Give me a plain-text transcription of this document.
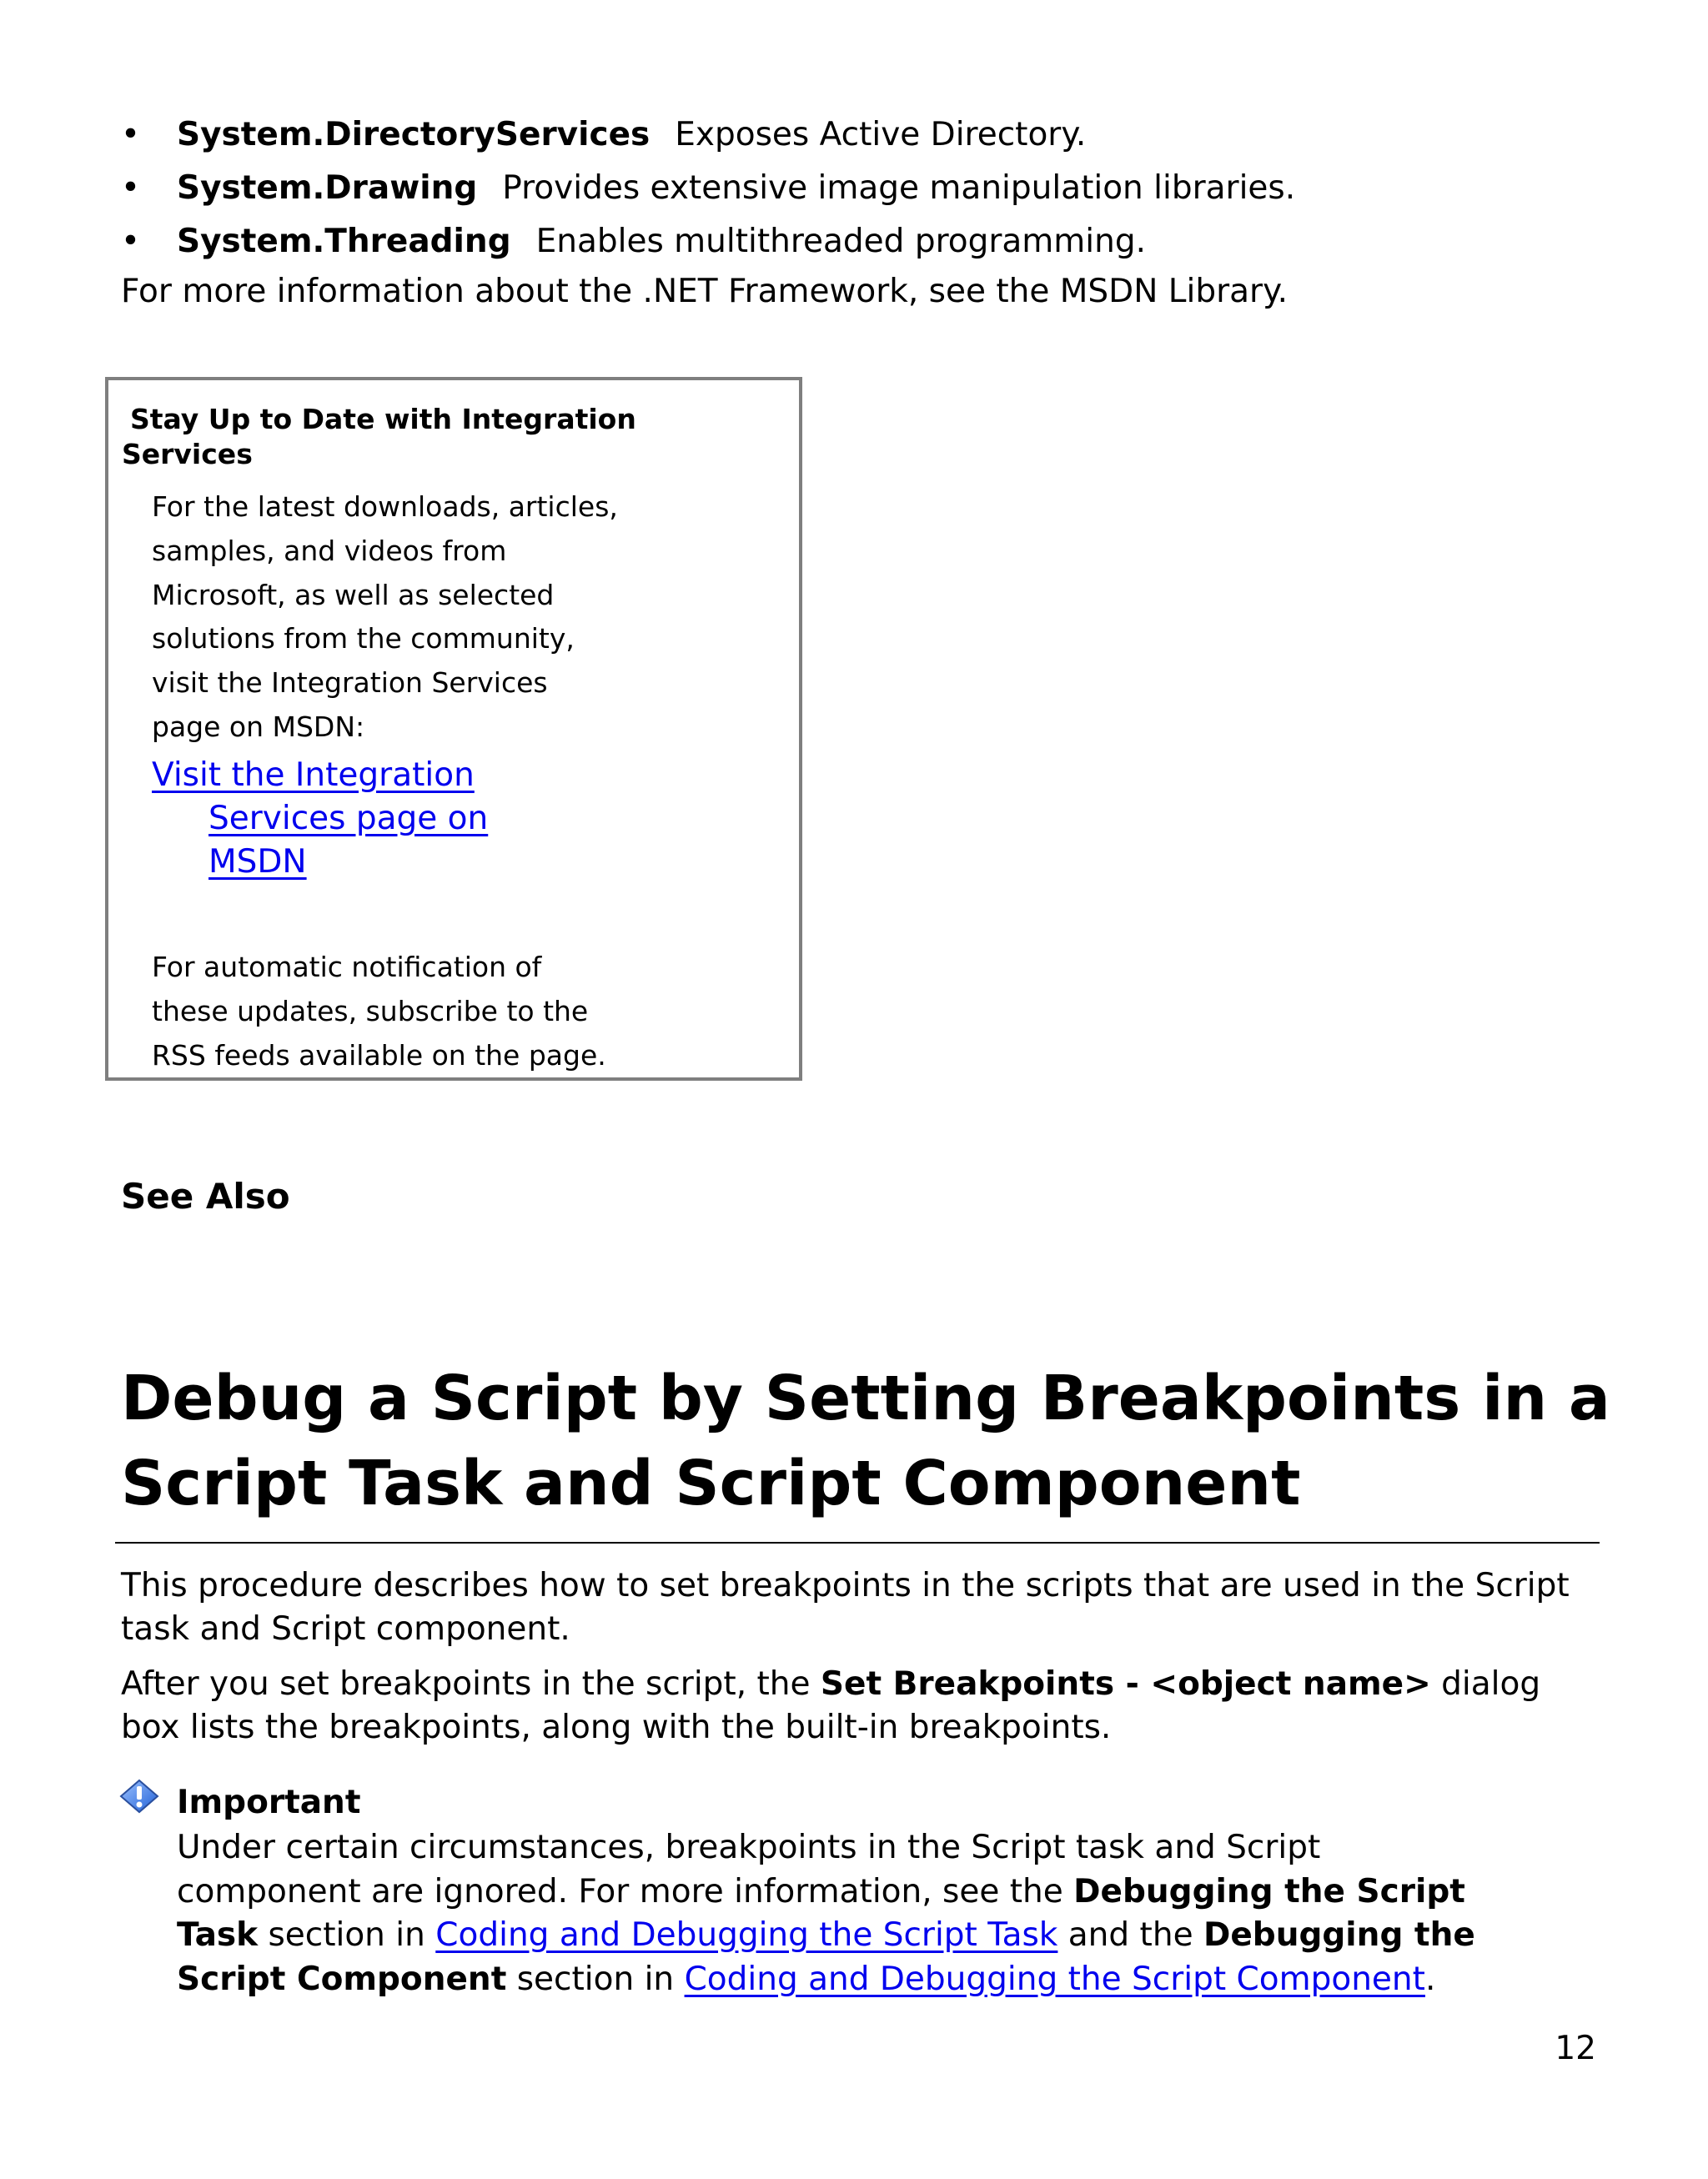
• System.DirectoryServices Exposes Active Directory.
• System.Drawing Provides extensive image manipulation libraries.
• System.Threading Enables multithreaded programming.

For more information about the .NET Framework, see the MSDN Library.

Stay Up to Date with Integration Services

For the latest downloads, articles, samples, and videos from Microsoft, as well as selected solutions from the community, visit the Integration Services page on MSDN:

Visit the Integration Services page on MSDN

For automatic notification of these updates, subscribe to the RSS feeds available on the page.

See Also

Debug a Script by Setting Breakpoints in a Script Task and Script Component

This procedure describes how to set breakpoints in the scripts that are used in the Script task and Script component.

After you set breakpoints in the script, the Set Breakpoints - <object name> dialog box lists the breakpoints, along with the built-in breakpoints.

Important

Under certain circumstances, breakpoints in the Script task and Script component are ignored. For more information, see the Debugging the Script Task section in Coding and Debugging the Script Task and the Debugging the Script Component section in Coding and Debugging the Script Component.

12
